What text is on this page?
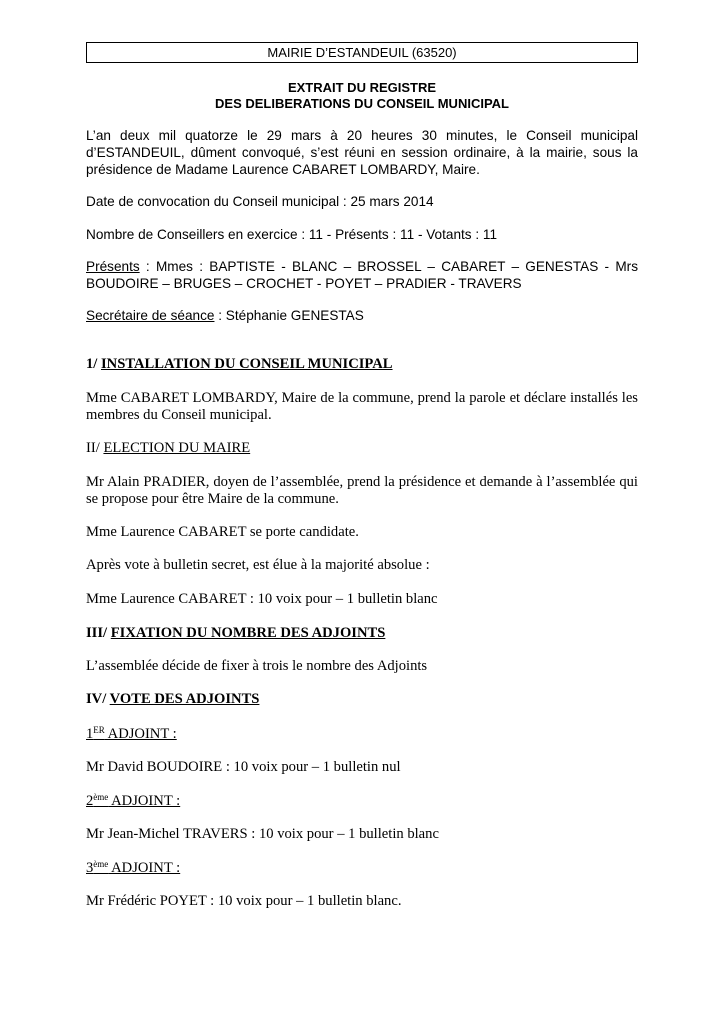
MAIRIE D’ESTANDEUIL (63520)
EXTRAIT DU REGISTRE
DES DELIBERATIONS DU CONSEIL MUNICIPAL
L’an deux mil quatorze le 29 mars à 20 heures 30 minutes, le Conseil municipal
d’ESTANDEUIL, dûment convoqué, s’est réuni en session ordinaire, à la mairie, sous la
présidence de Madame Laurence CABARET LOMBARDY, Maire.
Date de convocation du Conseil municipal : 25 mars 2014
Nombre de Conseillers en exercice : 11 - Présents : 11 - Votants : 11
Présents : Mmes : BAPTISTE - BLANC – BROSSEL – CABARET – GENESTAS - Mrs
BOUDOIRE – BRUGES – CROCHET - POYET – PRADIER - TRAVERS
Secrétaire de séance : Stéphanie GENESTAS
1/ INSTALLATION DU CONSEIL MUNICIPAL
Mme CABARET LOMBARDY, Maire de la commune, prend la parole et déclare installés les
membres du Conseil municipal.
II/ ELECTION DU MAIRE
Mr Alain PRADIER, doyen de l’assemblée, prend la présidence et demande à l’assemblée qui
se propose pour être Maire de la commune.
Mme Laurence CABARET se porte candidate.
Après vote à bulletin secret, est élue à la majorité absolue :
Mme Laurence CABARET : 10 voix pour – 1 bulletin blanc
III/ FIXATION DU NOMBRE DES ADJOINTS
L’assemblée décide de fixer à trois le nombre des Adjoints
IV/ VOTE DES ADJOINTS
1ER ADJOINT :
Mr David BOUDOIRE : 10 voix pour – 1 bulletin nul
2ème ADJOINT :
Mr Jean-Michel TRAVERS : 10 voix pour – 1 bulletin blanc
3ème ADJOINT :
Mr Frédéric POYET : 10 voix pour – 1 bulletin blanc.
